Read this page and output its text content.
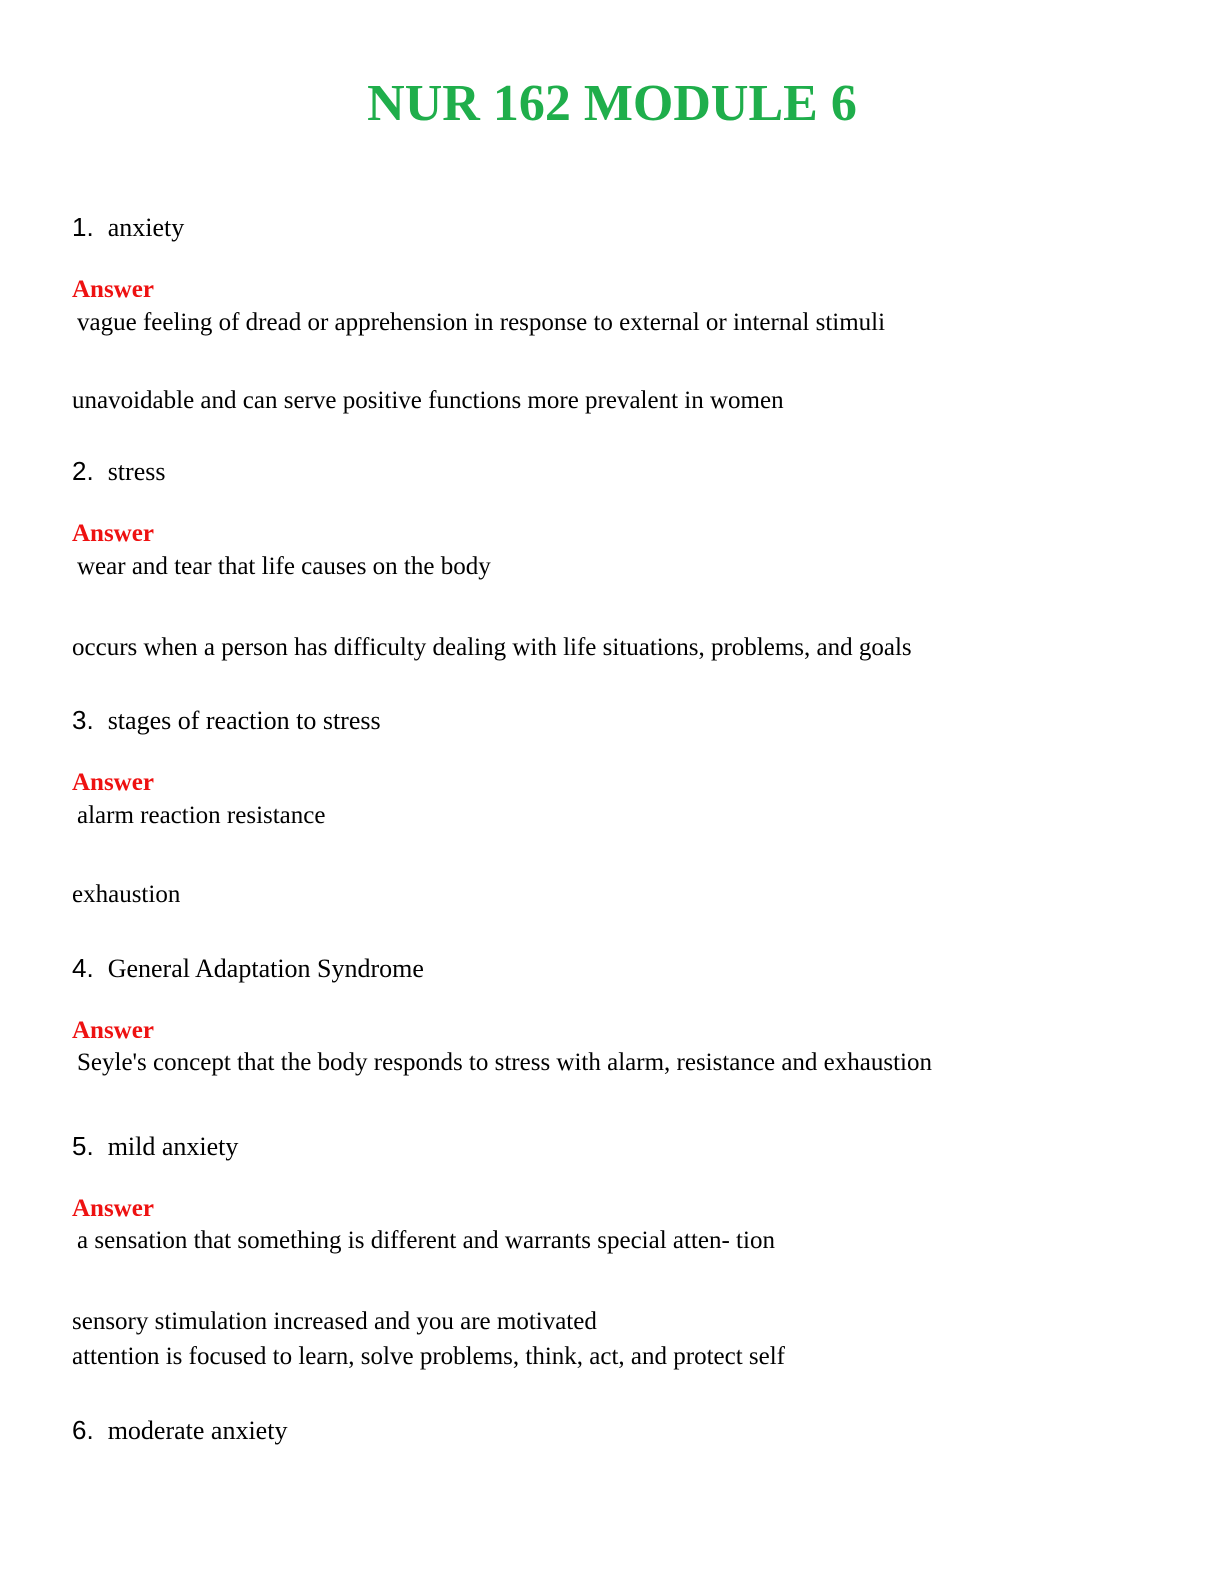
NUR 162 MODULE 6
1. anxiety
Answer
vague feeling of dread or apprehension in response to external or internal stimuli
unavoidable and can serve positive functions more prevalent in women
2. stress
Answer
wear and tear that life causes on the body
occurs when a person has difficulty dealing with life situations, problems, and goals
3. stages of reaction to stress
Answer
alarm reaction resistance
exhaustion
4. General Adaptation Syndrome
Answer
Seyle's concept that the body responds to stress with alarm, resistance and exhaustion
5. mild anxiety
Answer
a sensation that something is different and warrants special atten- tion
sensory stimulation increased and you are motivated
attention is focused to learn, solve problems, think, act, and protect self
6. moderate anxiety
